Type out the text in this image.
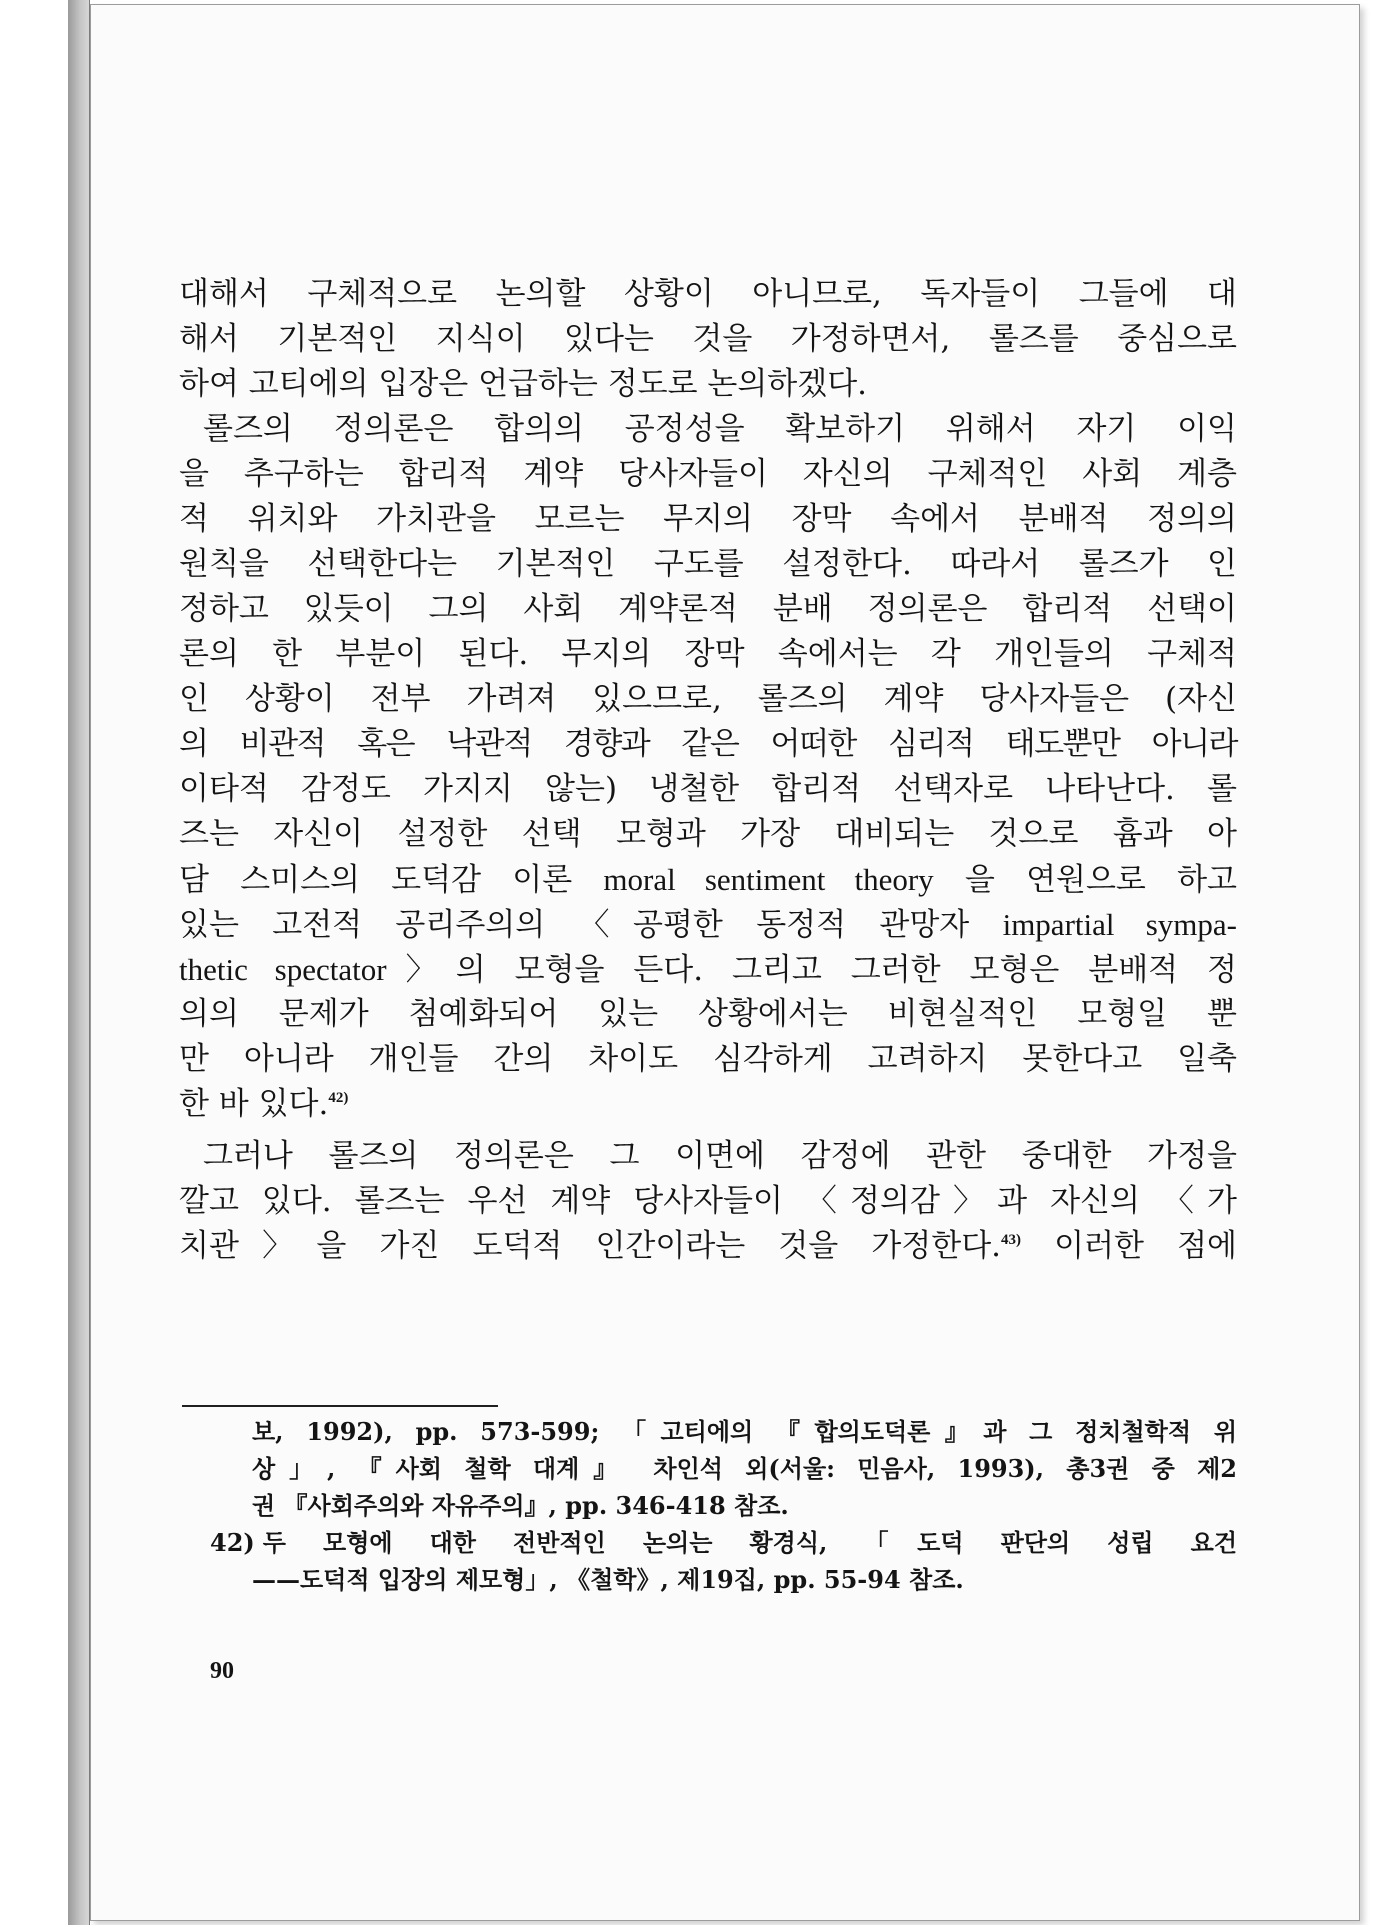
대해서 구체적으로 논의할 상황이 아니므로, 독자들이 그들에 대
해서 기본적인 지식이 있다는 것을 가정하면서, 롤즈를 중심으로
하여 고티에의 입장은 언급하는 정도로 논의하겠다.
롤즈의 정의론은 합의의 공정성을 확보하기 위해서 자기 이익
을 추구하는 합리적 계약 당사자들이 자신의 구체적인 사회 계층
적 위치와 가치관을 모르는 무지의 장막 속에서 분배적 정의의
원칙을 선택한다는 기본적인 구도를 설정한다. 따라서 롤즈가 인
정하고 있듯이 그의 사회 계약론적 분배 정의론은 합리적 선택이
론의 한 부분이 된다. 무지의 장막 속에서는 각 개인들의 구체적
인 상황이 전부 가려져 있으므로, 롤즈의 계약 당사자들은 (자신
의 비관적 혹은 낙관적 경향과 같은 어떠한 심리적 태도뿐만 아니라
이타적 감정도 가지지 않는) 냉철한 합리적 선택자로 나타난다. 롤
즈는 자신이 설정한 선택 모형과 가장 대비되는 것으로 흄과 아
담 스미스의 도덕감 이론 moral sentiment theory 을 연원으로 하고
있는 고전적 공리주의의 〈공평한 동정적 관망자 impartial sympa-
thetic spectator〉의 모형을 든다. 그리고 그러한 모형은 분배적 정
의의 문제가 첨예화되어 있는 상황에서는 비현실적인 모형일 뿐
만 아니라 개인들 간의 차이도 심각하게 고려하지 못한다고 일축
한 바 있다.$^{42)}$
그러나 롤즈의 정의론은 그 이면에 감정에 관한 중대한 가정을
깔고 있다. 롤즈는 우선 계약 당사자들이 〈정의감〉과 자신의 〈가
치관〉을 가진 도덕적 인간이라는 것을 가정한다.$^{43)}$ 이러한 점에
보, 1992), pp. 573-599; 「고티에의 『합의도덕론』과 그 정치철학적 위
상」, 『사회 철학 대계』 차인석 외(서울: 민음사, 1993), 총3권 중 제2
권 『사회주의와 자유주의』, pp. 346-418 참조.
42) 두 모형에 대한 전반적인 논의는 황경식, 「도덕 판단의 성립 요건
——도덕적 입장의 제모형」, 《철학》, 제19집, pp. 55-94 참조.
90
